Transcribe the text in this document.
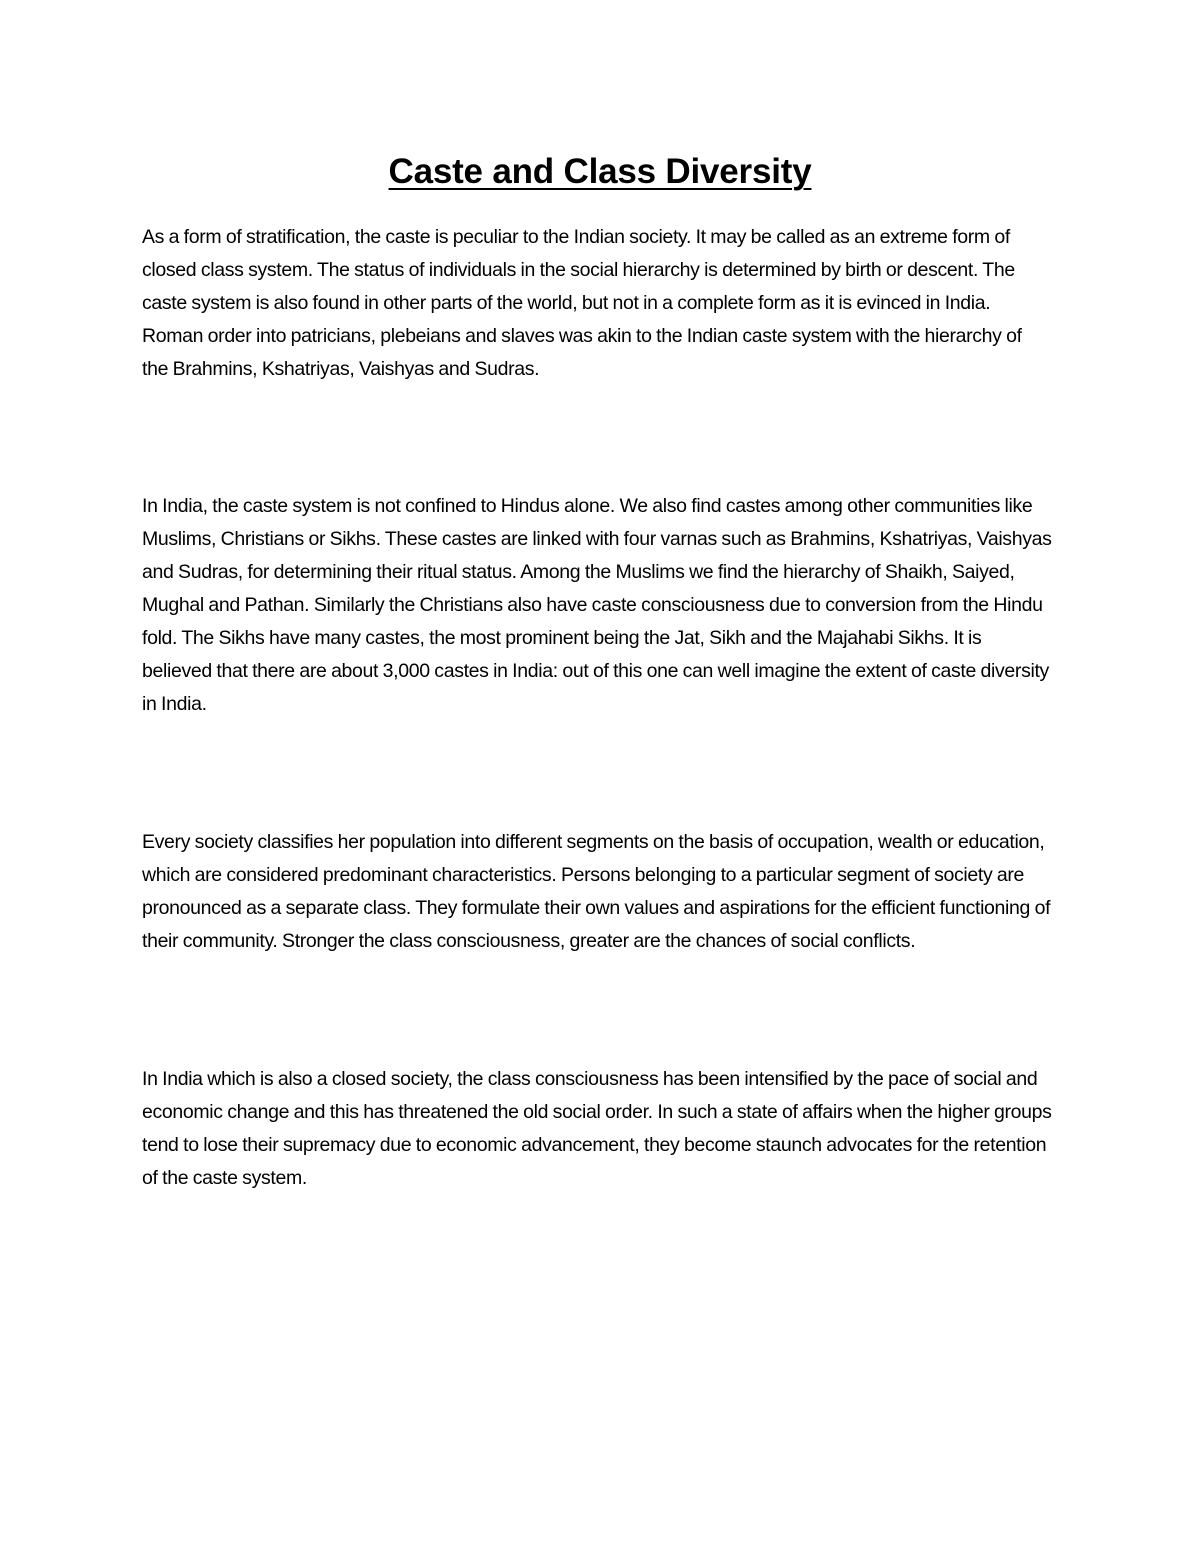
Caste and Class Diversity

As a form of stratification, the caste is peculiar to the Indian society. It may be called as an extreme form of closed class system. The status of individuals in the social hierarchy is determined by birth or descent. The caste system is also found in other parts of the world, but not in a complete form as it is evinced in India. Roman order into patricians, plebeians and slaves was akin to the Indian caste system with the hierarchy of the Brahmins, Kshatriyas, Vaishyas and Sudras.

In India, the caste system is not confined to Hindus alone. We also find castes among other communities like Muslims, Christians or Sikhs. These castes are linked with four varnas such as Brahmins, Kshatriyas, Vaishyas and Sudras, for determining their ritual status. Among the Muslims we find the hierarchy of Shaikh, Saiyed, Mughal and Pathan. Similarly the Christians also have caste consciousness due to conversion from the Hindu fold. The Sikhs have many castes, the most prominent being the Jat, Sikh and the Majahabi Sikhs. It is believed that there are about 3,000 castes in India: out of this one can well imagine the extent of caste diversity in India.

Every society classifies her population into different segments on the basis of occupation, wealth or education, which are considered predominant characteristics. Persons belonging to a particular segment of society are pronounced as a separate class. They formulate their own values and aspirations for the efficient functioning of their community. Stronger the class consciousness, greater are the chances of social conflicts.

In India which is also a closed society, the class consciousness has been intensified by the pace of social and economic change and this has threatened the old social order. In such a state of affairs when the higher groups tend to lose their supremacy due to economic advancement, they become staunch advocates for the retention of the caste system.
